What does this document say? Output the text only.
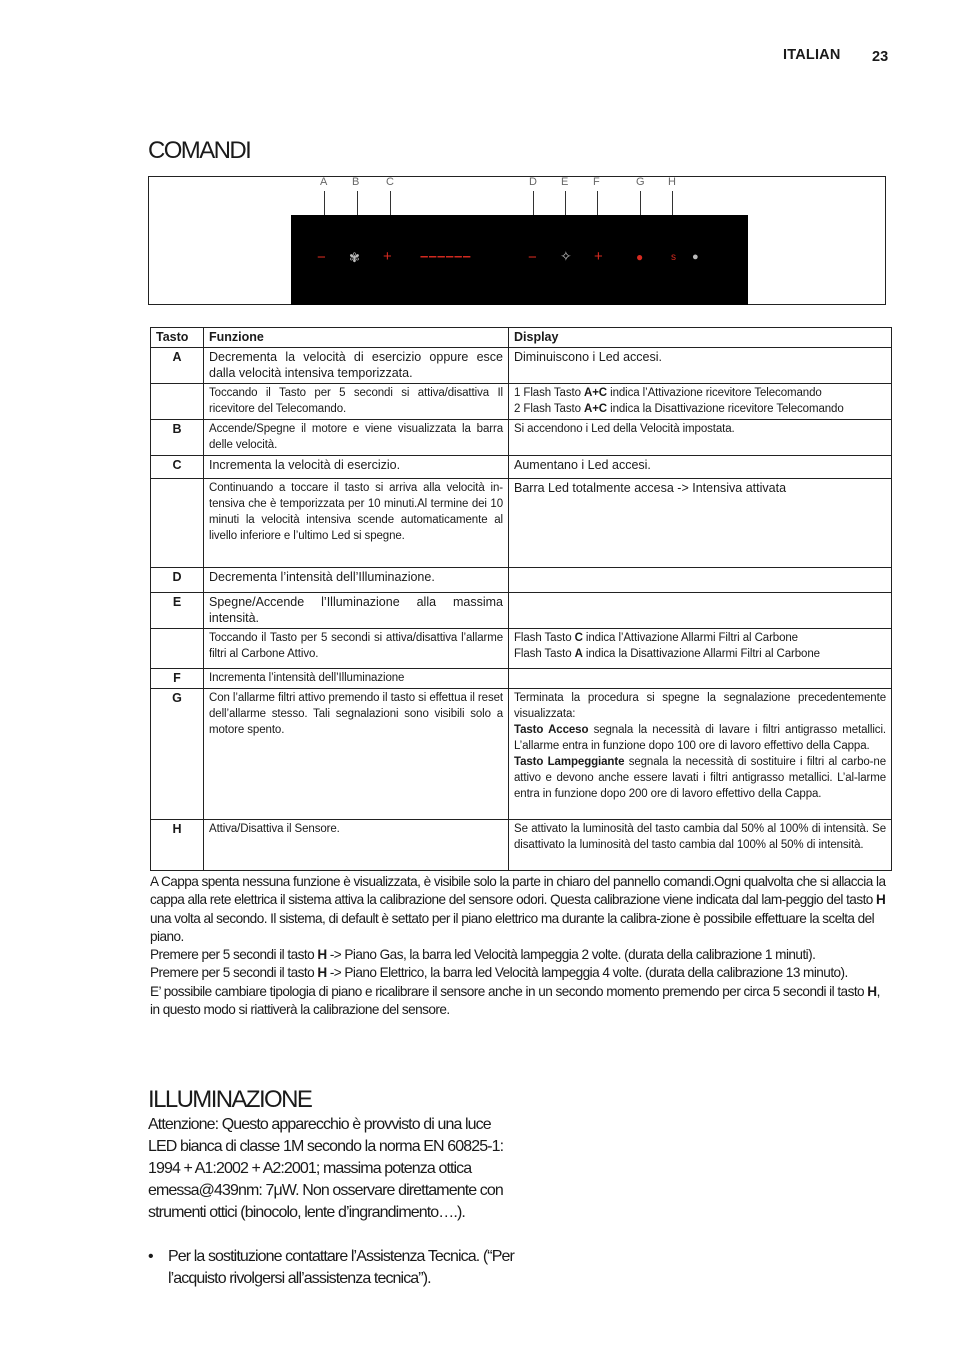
ITALIAN 23
COMANDI
A B C	D E F	G H
− ✾ + – – – – – –	− ✧ +	●	s ●
Tasto	Funzione	Display
A	Decrementa la velocità di esercizio oppure esce dalla velocità intensiva temporizzata.	Diminuiscono i Led accesi.
	Toccando il Tasto per 5 secondi si attiva/disattiva Il ricevitore del Telecomando.	1 Flash Tasto A+C indica l’Attivazione ricevitore Telecomando
2 Flash Tasto A+C indica la Disattivazione ricevitore Telecomando

B	Accende/Spegne il motore e viene visualizzata la barra delle velocità.	Si accendono i Led della Velocità impostata.
C	Incrementa la velocità di esercizio.	Aumentano i Led accesi.
	Continuando a toccare il tasto si arriva alla velocità in-tensiva che è temporizzata per 10 minuti.Al termine dei 10 minuti la velocità intensiva scende automaticamente al livello inferiore e l’ultimo Led si spegne.	Barra Led totalmente accesa -> Intensiva attivata
D	Decrementa l’intensità dell’Illuminazione.	
E	Spegne/Accende l’Illuminazione alla massima intensità.	
	Toccando il Tasto per 5 secondi si attiva/disattiva l’allarme filtri al Carbone Attivo.	Flash Tasto C indica l’Attivazione Allarmi Filtri al Carbone
Flash Tasto A indica la Disattivazione Allarmi Filtri al Carbone

F	Incrementa l’intensità dell’Illuminazione	
G	Con l’allarme filtri attivo premendo il tasto si effettua il reset dell’allarme stesso. Tali segnalazioni sono visibili solo a motore spento.	Terminata la procedura si spegne la segnalazione precedentemente visualizzata:
Tasto Acceso segnala la necessità di lavare i filtri antigrasso metallici. L’allarme entra in funzione dopo 100 ore di lavoro effettivo della Cappa.
Tasto Lampeggiante segnala la necessità di sostituire i filtri al carbo-ne attivo e devono anche essere lavati i filtri antigrasso metallici. L’al-larme entra in funzione dopo 200 ore di lavoro effettivo della Cappa.

H	Attiva/Disattiva il Sensore.	Se attivato la luminosità del tasto cambia dal 50% al 100% di intensità. Se disattivato la luminosità del tasto cambia dal 100% al 50% di intensità.

A Cappa spenta nessuna funzione è visualizzata, è visibile solo la parte in chiaro del pannello comandi.Ogni qualvolta che si allaccia la cappa alla rete elettrica il sistema attiva la calibrazione del sensore odori. Questa calibrazione viene indicata dal lam-peggio del tasto H una volta al secondo. Il sistema, di default è settato per il piano elettrico ma durante la calibra-zione è possibile effettuare la scelta del piano.

Premere per 5 secondi il tasto H -> Piano Gas, la barra led Velocità lampeggia 2 volte. (durata della calibrazione 1 minuti).

Premere per 5 secondi il tasto H -> Piano Elettrico, la barra led Velocità lampeggia 4 volte. (durata della calibrazione 13 minuto).

E’ possibile cambiare tipologia di piano e ricalibrare il sensore anche in un secondo momento premendo per circa 5 secondi il tasto H, in questo modo si riattiverà la calibrazione del sensore.

ILLUMINAZIONE

Attenzione: Questo apparecchio è provvisto di una luce LED bianca di classe 1M secondo la norma EN 60825-1: 1994 + A1:2002 + A2:2001; massima potenza ottica emessa@439nm: 7μW. Non osservare direttamente con strumenti ottici (binocolo, lente d’ingrandimento….).

• Per la sostituzione contattare l’Assistenza Tecnica. (“Per l’acquisto rivolgersi all’assistenza tecnica”).
